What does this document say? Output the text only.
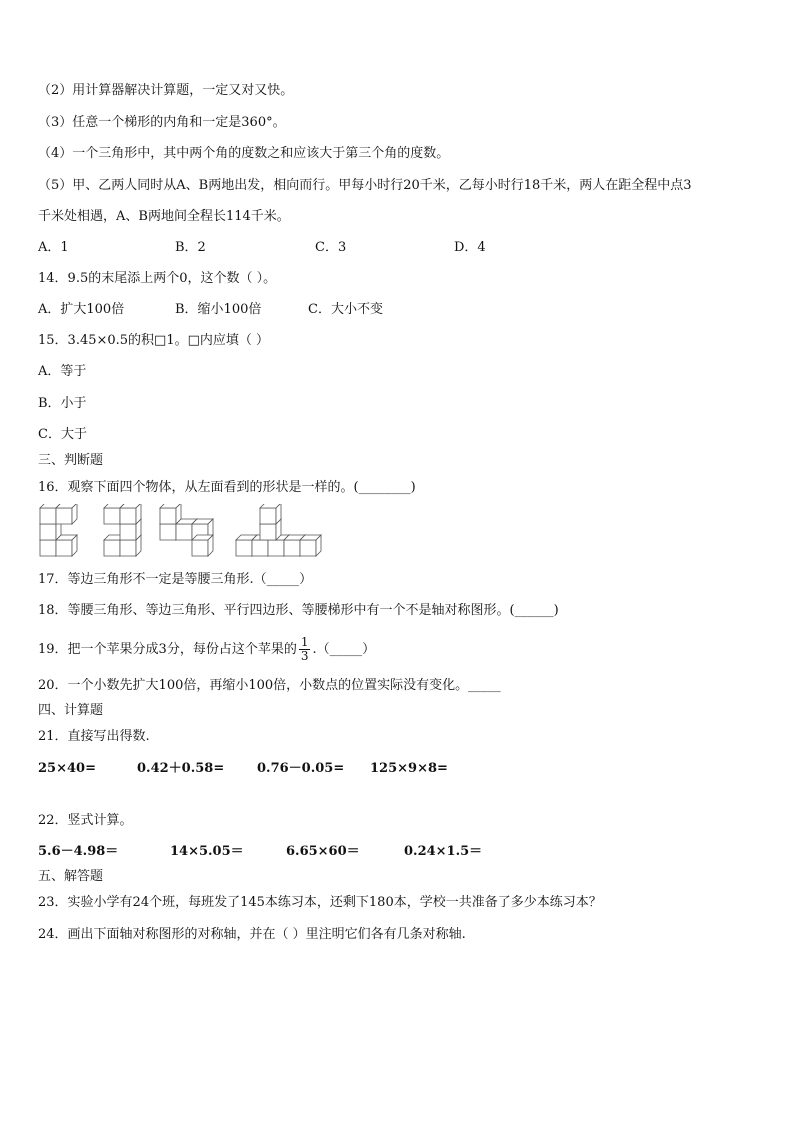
（2）用计算器解决计算题，一定又对又快。
（3）任意一个梯形的内角和一定是360°。
（4）一个三角形中，其中两个角的度数之和应该大于第三个角的度数。
（5）甲、乙两人同时从A、B两地出发，相向而行。甲每小时行20千米，乙每小时行18千米，两人在距全程中点3
千米处相遇，A、B两地间全程长114千米。
A．1	B．2	C．3	D．4
14．9.5的末尾添上两个0，这个数（ ）。
A．扩大100倍	B．缩小100倍	C．大小不变
15．3.45×0.5的积□1。□内应填（ ）
A．等于
B．小于
C．大于
三、判断题
16．观察下面四个物体，从左面看到的形状是一样的。(________)
17．等边三角形不一定是等腰三角形.（_____）
18．等腰三角形、等边三角形、平行四边形、等腰梯形中有一个不是轴对称图形。(______)
19．把一个苹果分成3分，每份占这个苹果的 $\frac{1}{3}$ .（_____）
20．一个小数先扩大100倍，再缩小100倍，小数点的位置实际没有变化。_____
四、计算题
21．直接写出得数.
25×40=	0.42＋0.58=	0.76－0.05= 125×9×8=
22．竖式计算。
5.6－4.98＝	14×5.05＝	6.65×60＝	0.24×1.5＝
五、解答题
23．实验小学有24个班，每班发了145本练习本，还剩下180本，学校一共准备了多少本练习本？
24．画出下面轴对称图形的对称轴，并在（ ）里注明它们各有几条对称轴.
